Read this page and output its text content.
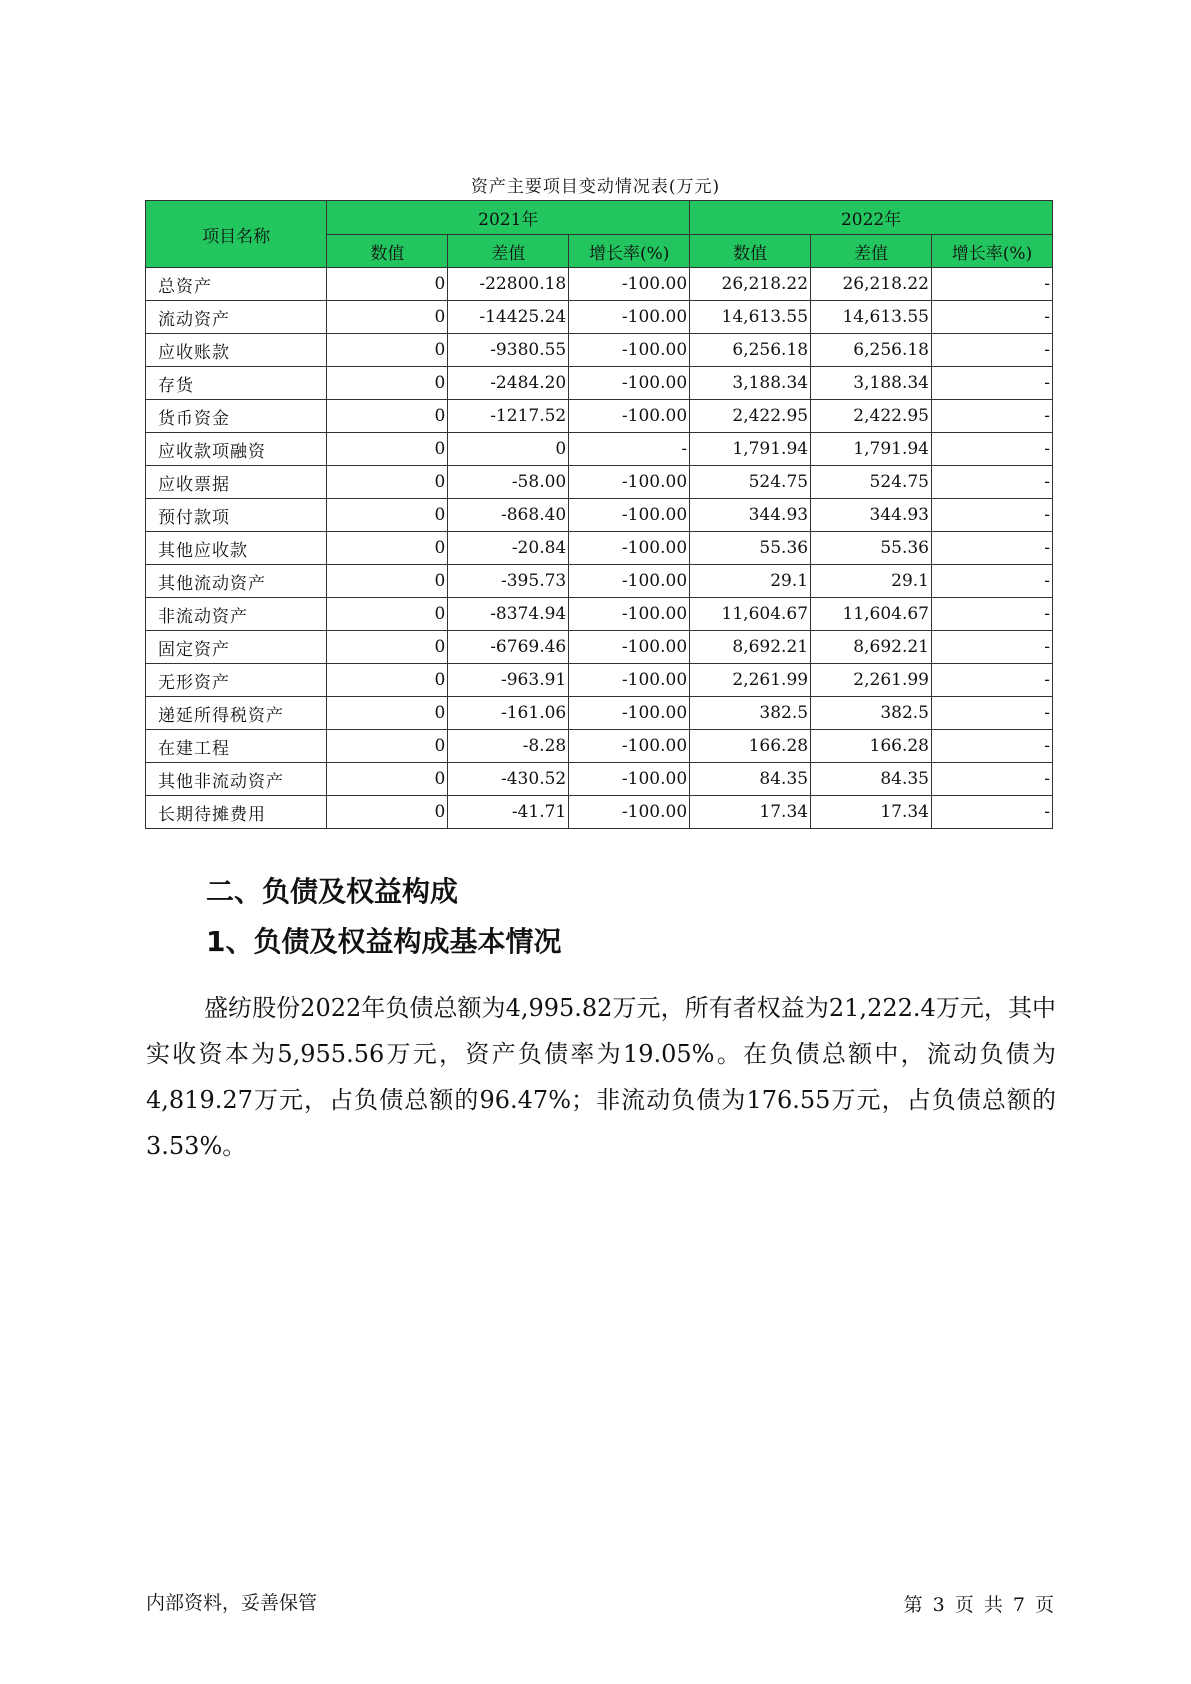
资产主要项目变动情况表(万元)
项目名称	2021年			2022年		
	数值	差值	增长率(%)	数值	差值	增长率(%)
总资产	0	-22800.18	-100.00	26,218.22	26,218.22	-
流动资产	0	-14425.24	-100.00	14,613.55	14,613.55	-
应收账款	0	-9380.55	-100.00	6,256.18	6,256.18	-
存货	0	-2484.20	-100.00	3,188.34	3,188.34	-
货币资金	0	-1217.52	-100.00	2,422.95	2,422.95	-
应收款项融资	0	0	-	1,791.94	1,791.94	-
应收票据	0	-58.00	-100.00	524.75	524.75	-
预付款项	0	-868.40	-100.00	344.93	344.93	-
其他应收款	0	-20.84	-100.00	55.36	55.36	-
其他流动资产	0	-395.73	-100.00	29.1	29.1	-
非流动资产	0	-8374.94	-100.00	11,604.67	11,604.67	-
固定资产	0	-6769.46	-100.00	8,692.21	8,692.21	-
无形资产	0	-963.91	-100.00	2,261.99	2,261.99	-
递延所得税资产	0	-161.06	-100.00	382.5	382.5	-
在建工程	0	-8.28	-100.00	166.28	166.28	-
其他非流动资产	0	-430.52	-100.00	84.35	84.35	-
长期待摊费用	0	-41.71	-100.00	17.34	17.34	-
二、负债及权益构成
1、负债及权益构成基本情况

盛纺股份2022年负债总额为4,995.82万元，所有者权益为21,222.4万元，其中实收资本为5,955.56万元，资产负债率为19.05%。在负债总额中，流动负债为4,819.27万元，占负债总额的96.47%；非流动负债为176.55万元，占负债总额的3.53%。

内部资料，妥善保管	第 3 页 共 7 页
